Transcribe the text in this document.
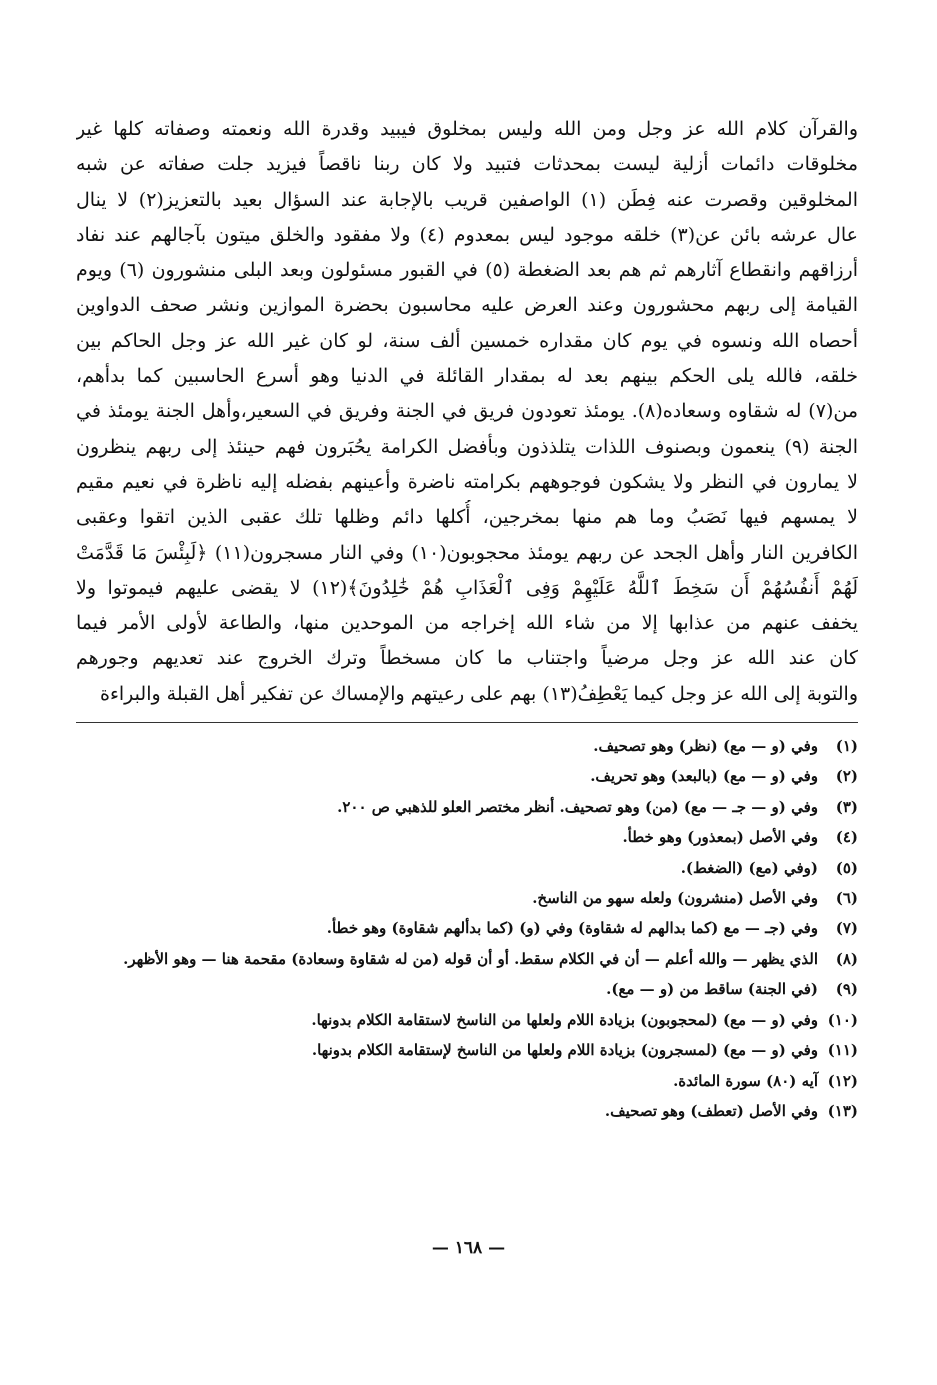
والقرآن كلام الله عز وجل ومن الله وليس بمخلوق فيبيد وقدرة الله ونعمته وصفاته كلها غير
مخلوقات دائمات أزلية ليست بمحدثات فتبيد ولا كان ربنا ناقصاً فيزيد جلت صفاته عن شبه
المخلوقين وقصرت عنه فِطَن (١) الواصفين قريب بالإجابة عند السؤال بعيد بالتعزيز(٢) لا ينال
عال عرشه بائن عن(٣) خلقه موجود ليس بمعدوم (٤) ولا مفقود والخلق ميتون بآجالهم عند نفاد
أرزاقهم وانقطاع آثارهم ثم هم بعد الضغطة (٥) في القبور مسئولون وبعد البلى منشورون (٦) ويوم
القيامة إلى ربهم محشورون وعند العرض عليه محاسبون بحضرة الموازين ونشر صحف الدواوين
أحصاه الله ونسوه في يوم كان مقداره خمسين ألف سنة، لو كان غير الله عز وجل الحاكم بين
خلقه، فالله يلى الحكم بينهم بعد له بمقدار القائلة في الدنيا وهو أسرع الحاسبين كما بدأهم،
من(٧) له شقاوه وسعاده(٨). يومئذ تعودون فريق في الجنة وفريق في السعير،وأهل الجنة يومئذ في
الجنة (٩) ينعمون وبصنوف اللذات يتلذذون وبأفضل الكرامة يحُبَرون فهم حينئذ إلى ربهم ينظرون
لا يمارون في النظر ولا يشكون فوجوههم بكرامته ناضرة وأعينهم بفضله إليه ناظرة في نعيم مقيم
لا يمسهم فيها نَصَبُ وما هم منها بمخرجين، أُكلها دائم وظلها تلك عقبى الذين اتقوا وعقبى
الكافرين النار وأهل الجحد عن ربهم يومئذ محجوبون(١٠) وفي النار مسجرون(١١) ﴿لَبِئْسَ مَا قَدَّمَتْ
لَهُمْ أَنفُسُهُمْ أَن سَخِطَ ٱللَّهُ عَلَيْهِمْ وَفِى ٱلْعَذَابِ هُمْ خَٰلِدُونَ﴾(١٢) لا يقضى عليهم فيموتوا ولا
يخفف عنهم من عذابها إلا من شاء الله إخراجه من الموحدين منها، والطاعة لأولى الأمر فيما
كان عند الله عز وجل مرضياً واجتناب ما كان مسخطاً وترك الخروج عند تعديهم وجورهم
والتوبة إلى الله عز وجل كيما يَعْطِفُ(١٣) بهم على رعيتهم والإمساك عن تفكير أهل القبلة والبراءة
(١)
وفي (و — مع) (نظر) وهو تصحيف.
(٢)
وفي (و — مع) (بالبعد) وهو تحريف.
(٣)
وفي (و — جـ — مع) (من) وهو تصحيف. أنظر مختصر العلو للذهبي ص ٢٠٠.
(٤)
وفي الأصل (بمعذور) وهو خطأ.
(٥)
(وفي (مع) (الضغط).
(٦)
وفي الأصل (منشرون) ولعله سهو من الناسخ.
(٧)
وفي (جـ — مع (كما بدالهم له شقاوة) وفي (و) (كما بدألهم شقاوة) وهو خطأ.
(٨)
الذي يظهر — والله أعلم — أن في الكلام سقط. أو أن قوله (من له شقاوة وسعادة) مقحمة هنا — وهو الأظهر.
(٩)
(في الجنة) ساقط من (و — مع).
(١٠)
وفي (و — مع) (لمحجوبون) بزيادة اللام ولعلها من الناسخ لاستقامة الكلام بدونها.
(١١)
وفي (و — مع) (لمسجرون) بزيادة اللام ولعلها من الناسخ لإستقامة الكلام بدونها.
(١٢)
آيه (٨٠) سورة المائدة.
(١٣)
وفي الأصل (تعطف) وهو تصحيف.
— ١٦٨ —
